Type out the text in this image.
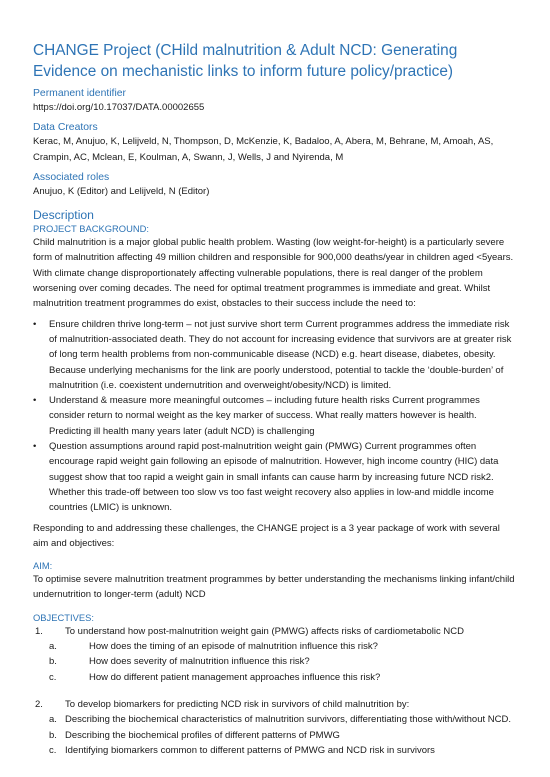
CHANGE Project (CHild malnutrition & Adult NCD: Generating Evidence on mechanistic links to inform future policy/practice)
Permanent identifier

https://doi.org/10.17037/DATA.00002655

Data Creators

Kerac, M, Anujuo, K, Lelijveld, N, Thompson, D, McKenzie, K, Badaloo, A, Abera, M, Behrane, M, Amoah, AS, Crampin, AC, Mclean, E, Koulman, A, Swann, J, Wells, J and Nyirenda, M

Associated roles

Anujuo, K (Editor) and Lelijveld, N (Editor)

Description
PROJECT BACKGROUND:

Child malnutrition is a major global public health problem. Wasting (low weight-for-height) is a particularly severe form of malnutrition affecting 49 million children and responsible for 900,000 deaths/year in children aged <5years. With climate change disproportionately affecting vulnerable populations, there is real danger of the problem worsening over coming decades. The need for optimal treatment programmes is immediate and great. Whilst malnutrition treatment programmes do exist, obstacles to their success include the need to:

• Ensure children thrive long-term – not just survive short term Current programmes address the immediate risk of malnutrition-associated death. They do not account for increasing evidence that survivors are at greater risk of long term health problems from non-communicable disease (NCD) e.g. heart disease, diabetes, obesity. Because underlying mechanisms for the link are poorly understood, potential to tackle the ‘double-burden’ of malnutrition (i.e. coexistent undernutrition and overweight/obesity/NCD) is limited.
• Understand & measure more meaningful outcomes – including future health risks Current programmes consider return to normal weight as the key marker of success. What really matters however is health. Predicting ill health many years later (adult NCD) is challenging
• Question assumptions around rapid post-malnutrition weight gain (PMWG) Current programmes often encourage rapid weight gain following an episode of malnutrition. However, high income country (HIC) data suggest show that too rapid a weight gain in small infants can cause harm by increasing future NCD risk2. Whether this trade-off between too slow vs too fast weight recovery also applies in low-and middle income countries (LMIC) is unknown.

Responding to and addressing these challenges, the CHANGE project is a 3 year package of work with several aim and objectives:

AIM:

To optimise severe malnutrition treatment programmes by better understanding the mechanisms linking infant/child undernutrition to longer-term (adult) NCD

OBJECTIVES:
1. To understand how post-malnutrition weight gain (PMWG) affects risks of cardiometabolic NCD
a.	How does the timing of an episode of malnutrition influence this risk?
b.	How does severity of malnutrition influence this risk?
c.	How do different patient management approaches influence this risk?
2. To develop biomarkers for predicting NCD risk in survivors of child malnutrition by:
a. Describing the biochemical characteristics of malnutrition survivors, differentiating those with/without NCD.
b. Describing the biochemical profiles of different patterns of PMWG
c. Identifying biomarkers common to different patterns of PMWG and NCD risk in survivors
